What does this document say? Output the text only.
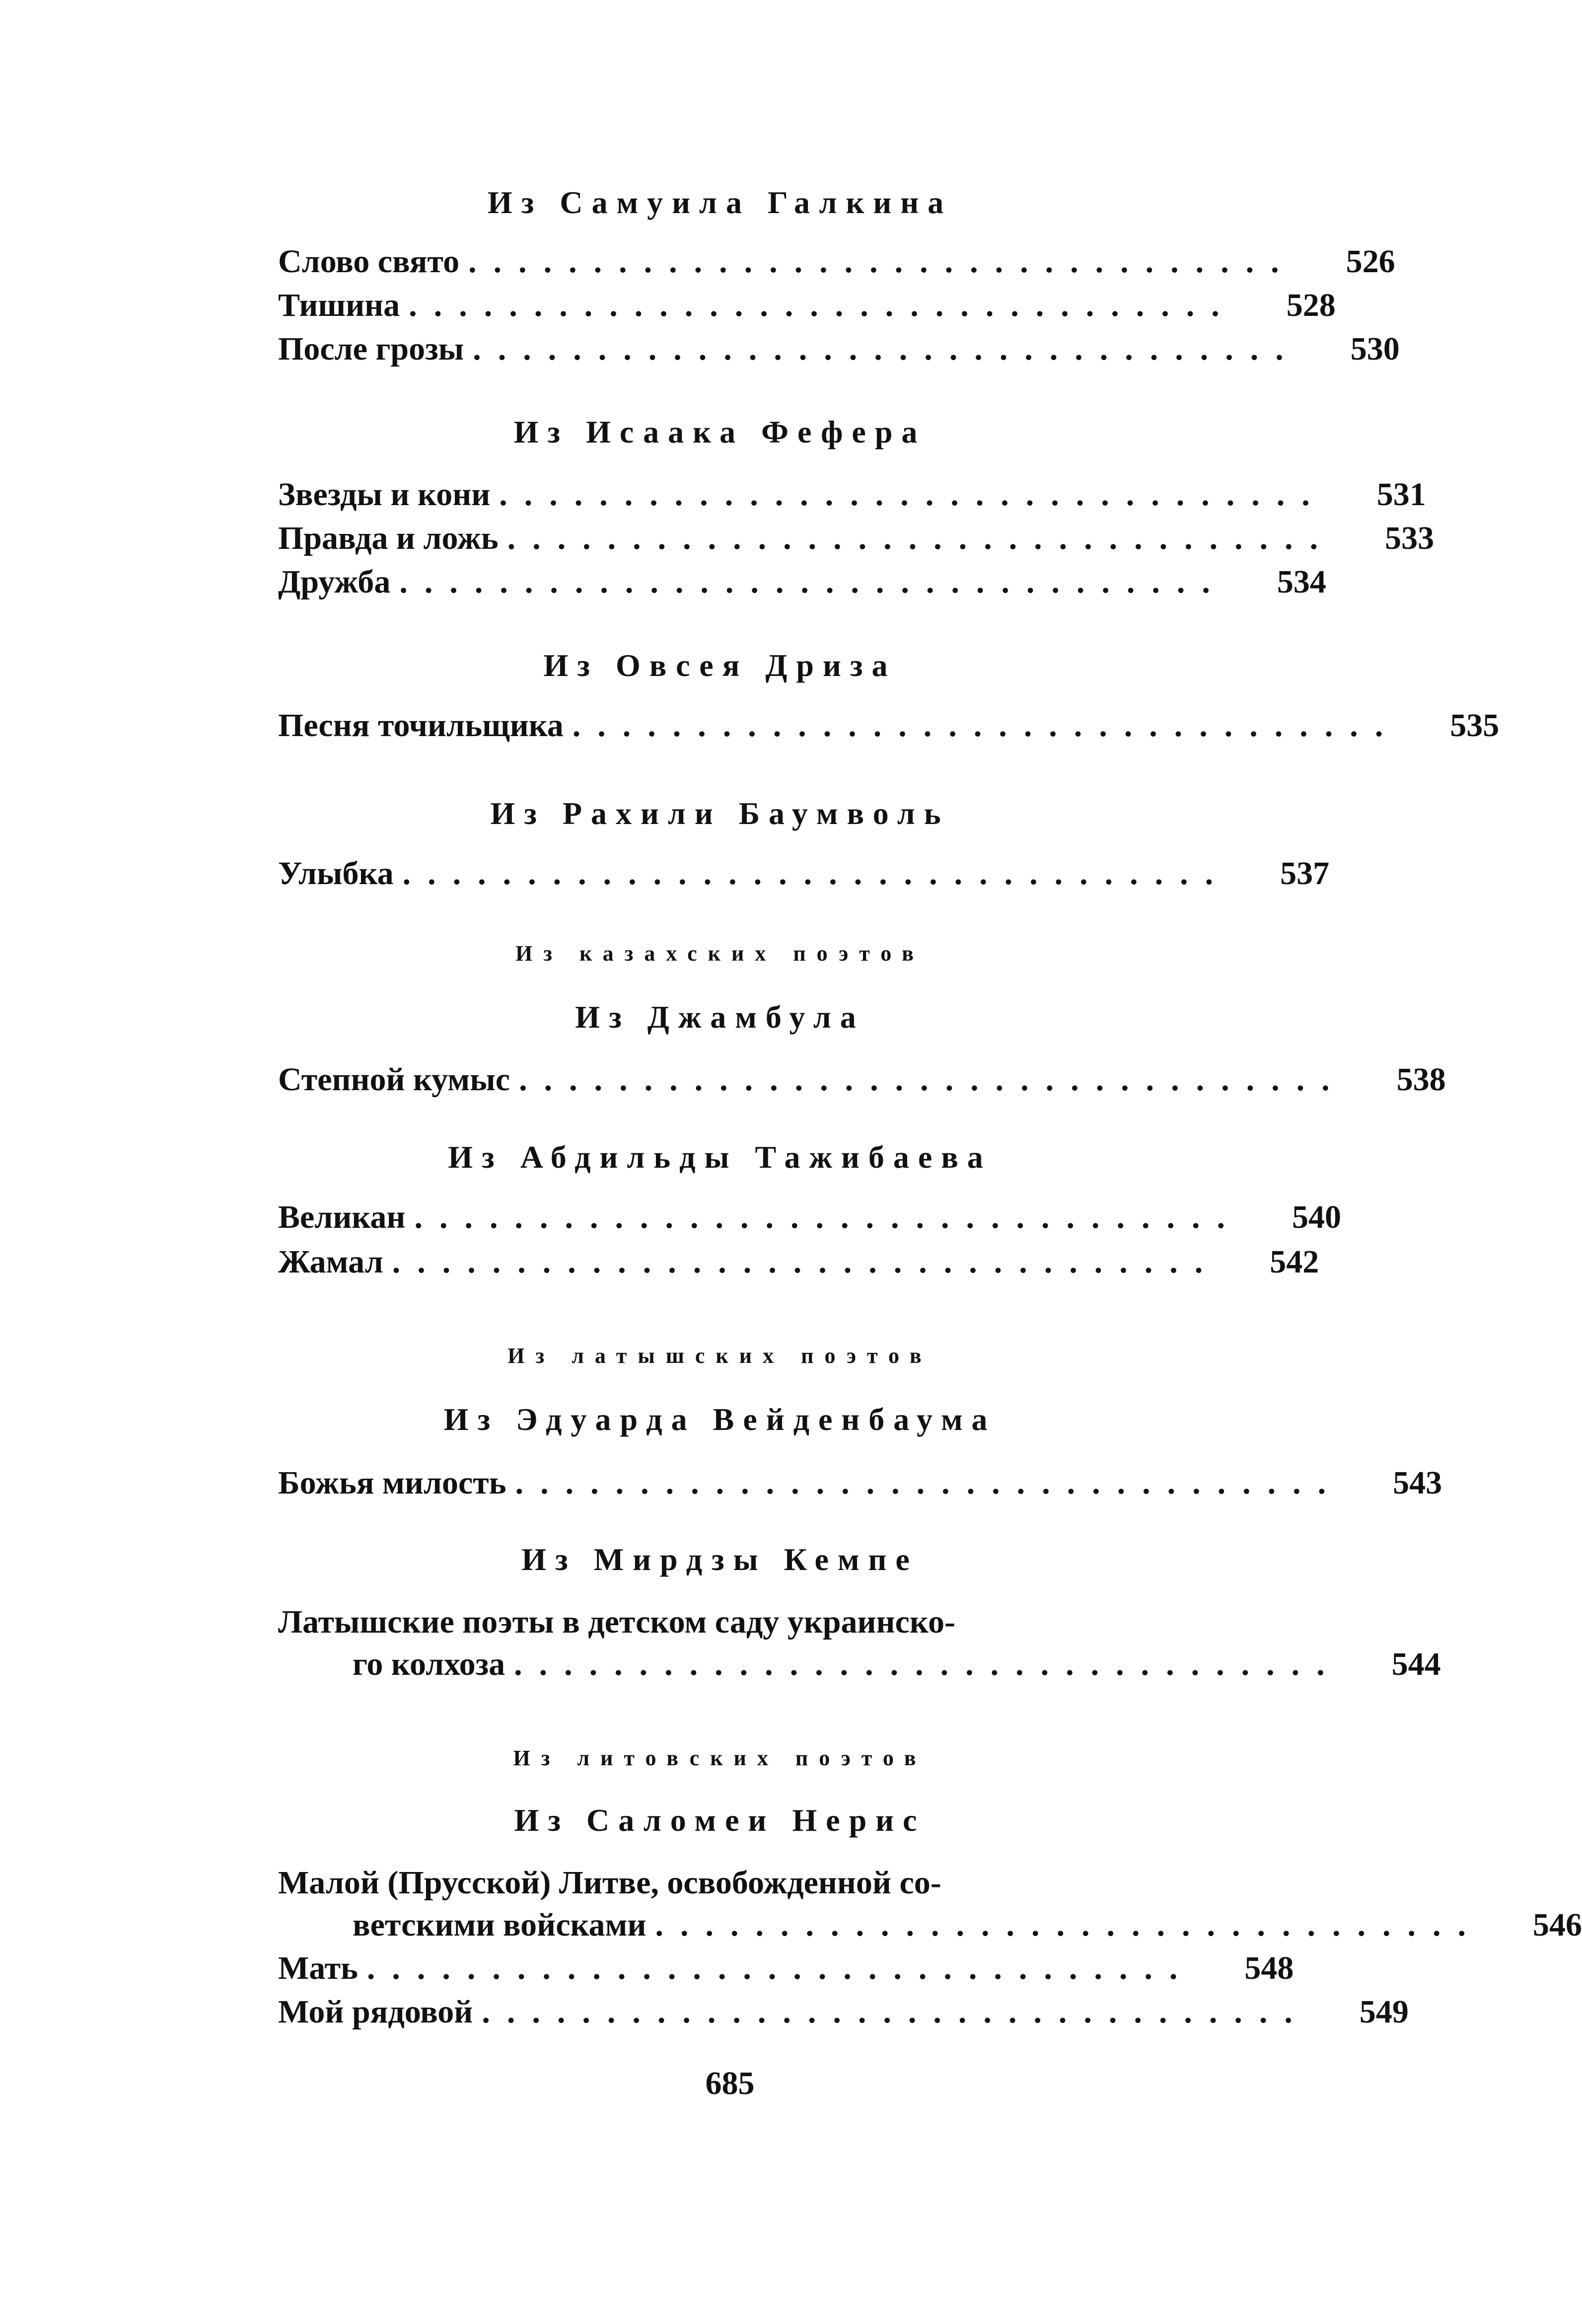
Из Самуила Галкина
Слово свято .................................	526
Тишина .................................	528
После грозы .................................	530
Из Исаака Фефера
Звезды и кони .................................	531
Правда и ложь .................................	533
Дружба .................................	534
Из Овсея Дриза
Песня точильщика .................................	535
Из Рахили Баумволь
Улыбка .................................	537
Из казахских поэтов
Из Джамбула
Степной кумыс .................................	538
Из Абдильды Тажибаева
Великан .................................	540
Жамал .................................	542
Из латышских поэтов
Из Эдуарда Вейденбаума
Божья милость .................................	543
Из Мирдзы Кемпе
Латышские поэты в детском саду украинско-
го колхоза .................................	544
Из литовских поэтов
Из Саломеи Нерис
Малой (Прусской) Литве, освобожденной со-
ветскими войсками .................................	546
Мать .................................	548
Мой рядовой .................................	549
685
